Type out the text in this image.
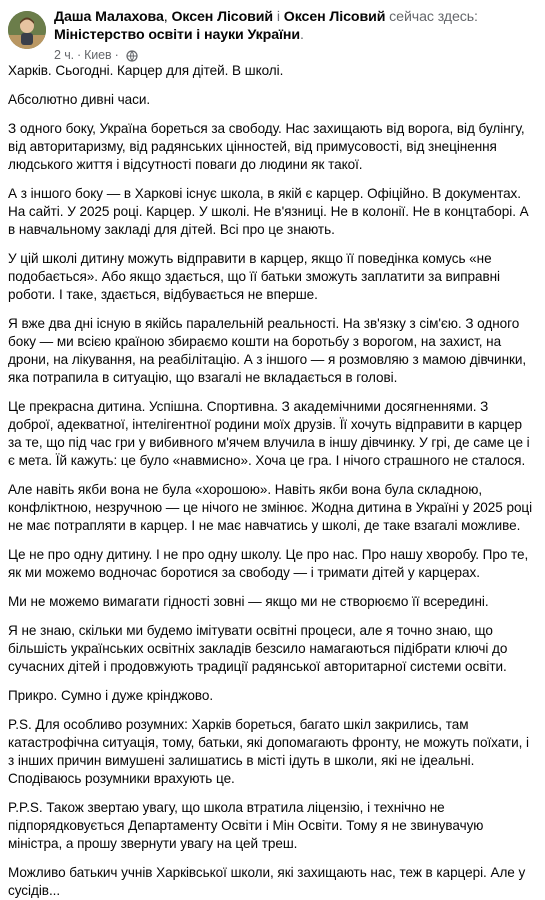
Даша Малахова, Оксен Лісовий і Оксен Лісовий сейчас здесь: Міністерство освіти і науки України.

2 ч. · Киев ·

Харків. Сьогодні. Карцер для дітей. В школі.

Абсолютно дивні часи.

З одного боку, Україна бореться за свободу. Нас захищають від ворога, від булінгу, від авторитаризму, від радянських цінностей, від примусовості, від знецінення людського життя і відсутності поваги до людини як такої.

А з іншого боку — в Харкові існує школа, в якій є карцер. Офіційно. В документах. На сайті. У 2025 році. Карцер. У школі. Не в'язниці. Не в колонії. Не в концтаборі. А в навчальному закладі для дітей. Всі про це знають.

У цій школі дитину можуть відправити в карцер, якщо її поведінка комусь «не подобається». Або якщо здається, що її батьки зможуть заплатити за виправні роботи. І таке, здається, відбувається не вперше.

Я вже два дні існую в якійсь паралельній реальності. На зв'язку з сім'єю. З одного боку — ми всією країною збираємо кошти на боротьбу з ворогом, на захист, на дрони, на лікування, на реабілітацію. А з іншого — я розмовляю з мамою дівчинки, яка потрапила в ситуацію, що взагалі не вкладається в голові.

Це прекрасна дитина. Успішна. Спортивна. З академічними досягненнями. З доброї, адекватної, інтелігентної родини моїх друзів. Її хочуть відправити в карцер за те, що під час гри у вибивного м'ячем влучила в іншу дівчинку. У грі, де саме це і є мета. Їй кажуть: це було «навмисно». Хоча це гра. І нічого страшного не сталося.

Але навіть якби вона не була «хорошою». Навіть якби вона була складною, конфліктною, незручною — це нічого не змінює. Жодна дитина в Україні у 2025 році не має потрапляти в карцер. І не має навчатись у школі, де таке взагалі можливе.

Це не про одну дитину. І не про одну школу. Це про нас. Про нашу хворобу. Про те, як ми можемо водночас боротися за свободу — і тримати дітей у карцерах.

Ми не можемо вимагати гідності зовні — якщо ми не створюємо її всередині.

Я не знаю, скільки ми будемо імітувати освітні процеси, але я точно знаю, що більшість українських освітніх закладів безсило намагаються підібрати ключі до сучасних дітей і продовжують традиції радянської авторитарної системи освіти.

Прикро. Сумно і дуже крінджово.

P.S. Для особливо розумних: Харків бореться, багато шкіл закрились, там катастрофічна ситуація, тому, батьки, які допомагають фронту, не можуть поїхати, і з інших причин вимушені залишатись в місті ідуть в школи, які не ідеальні. Сподіваюсь розумники врахують це.

P.P.S. Також звертаю увагу, що школа втратила ліцензію, і технічно не підпорядковується Департаменту Освіти і Мін Освіти. Тому я не звинувачую міністра, а прошу звернути увагу на цей треш.

Можливо батькич учнів Харківської школи, які захищають нас, теж в карцері. Але у сусідів...
